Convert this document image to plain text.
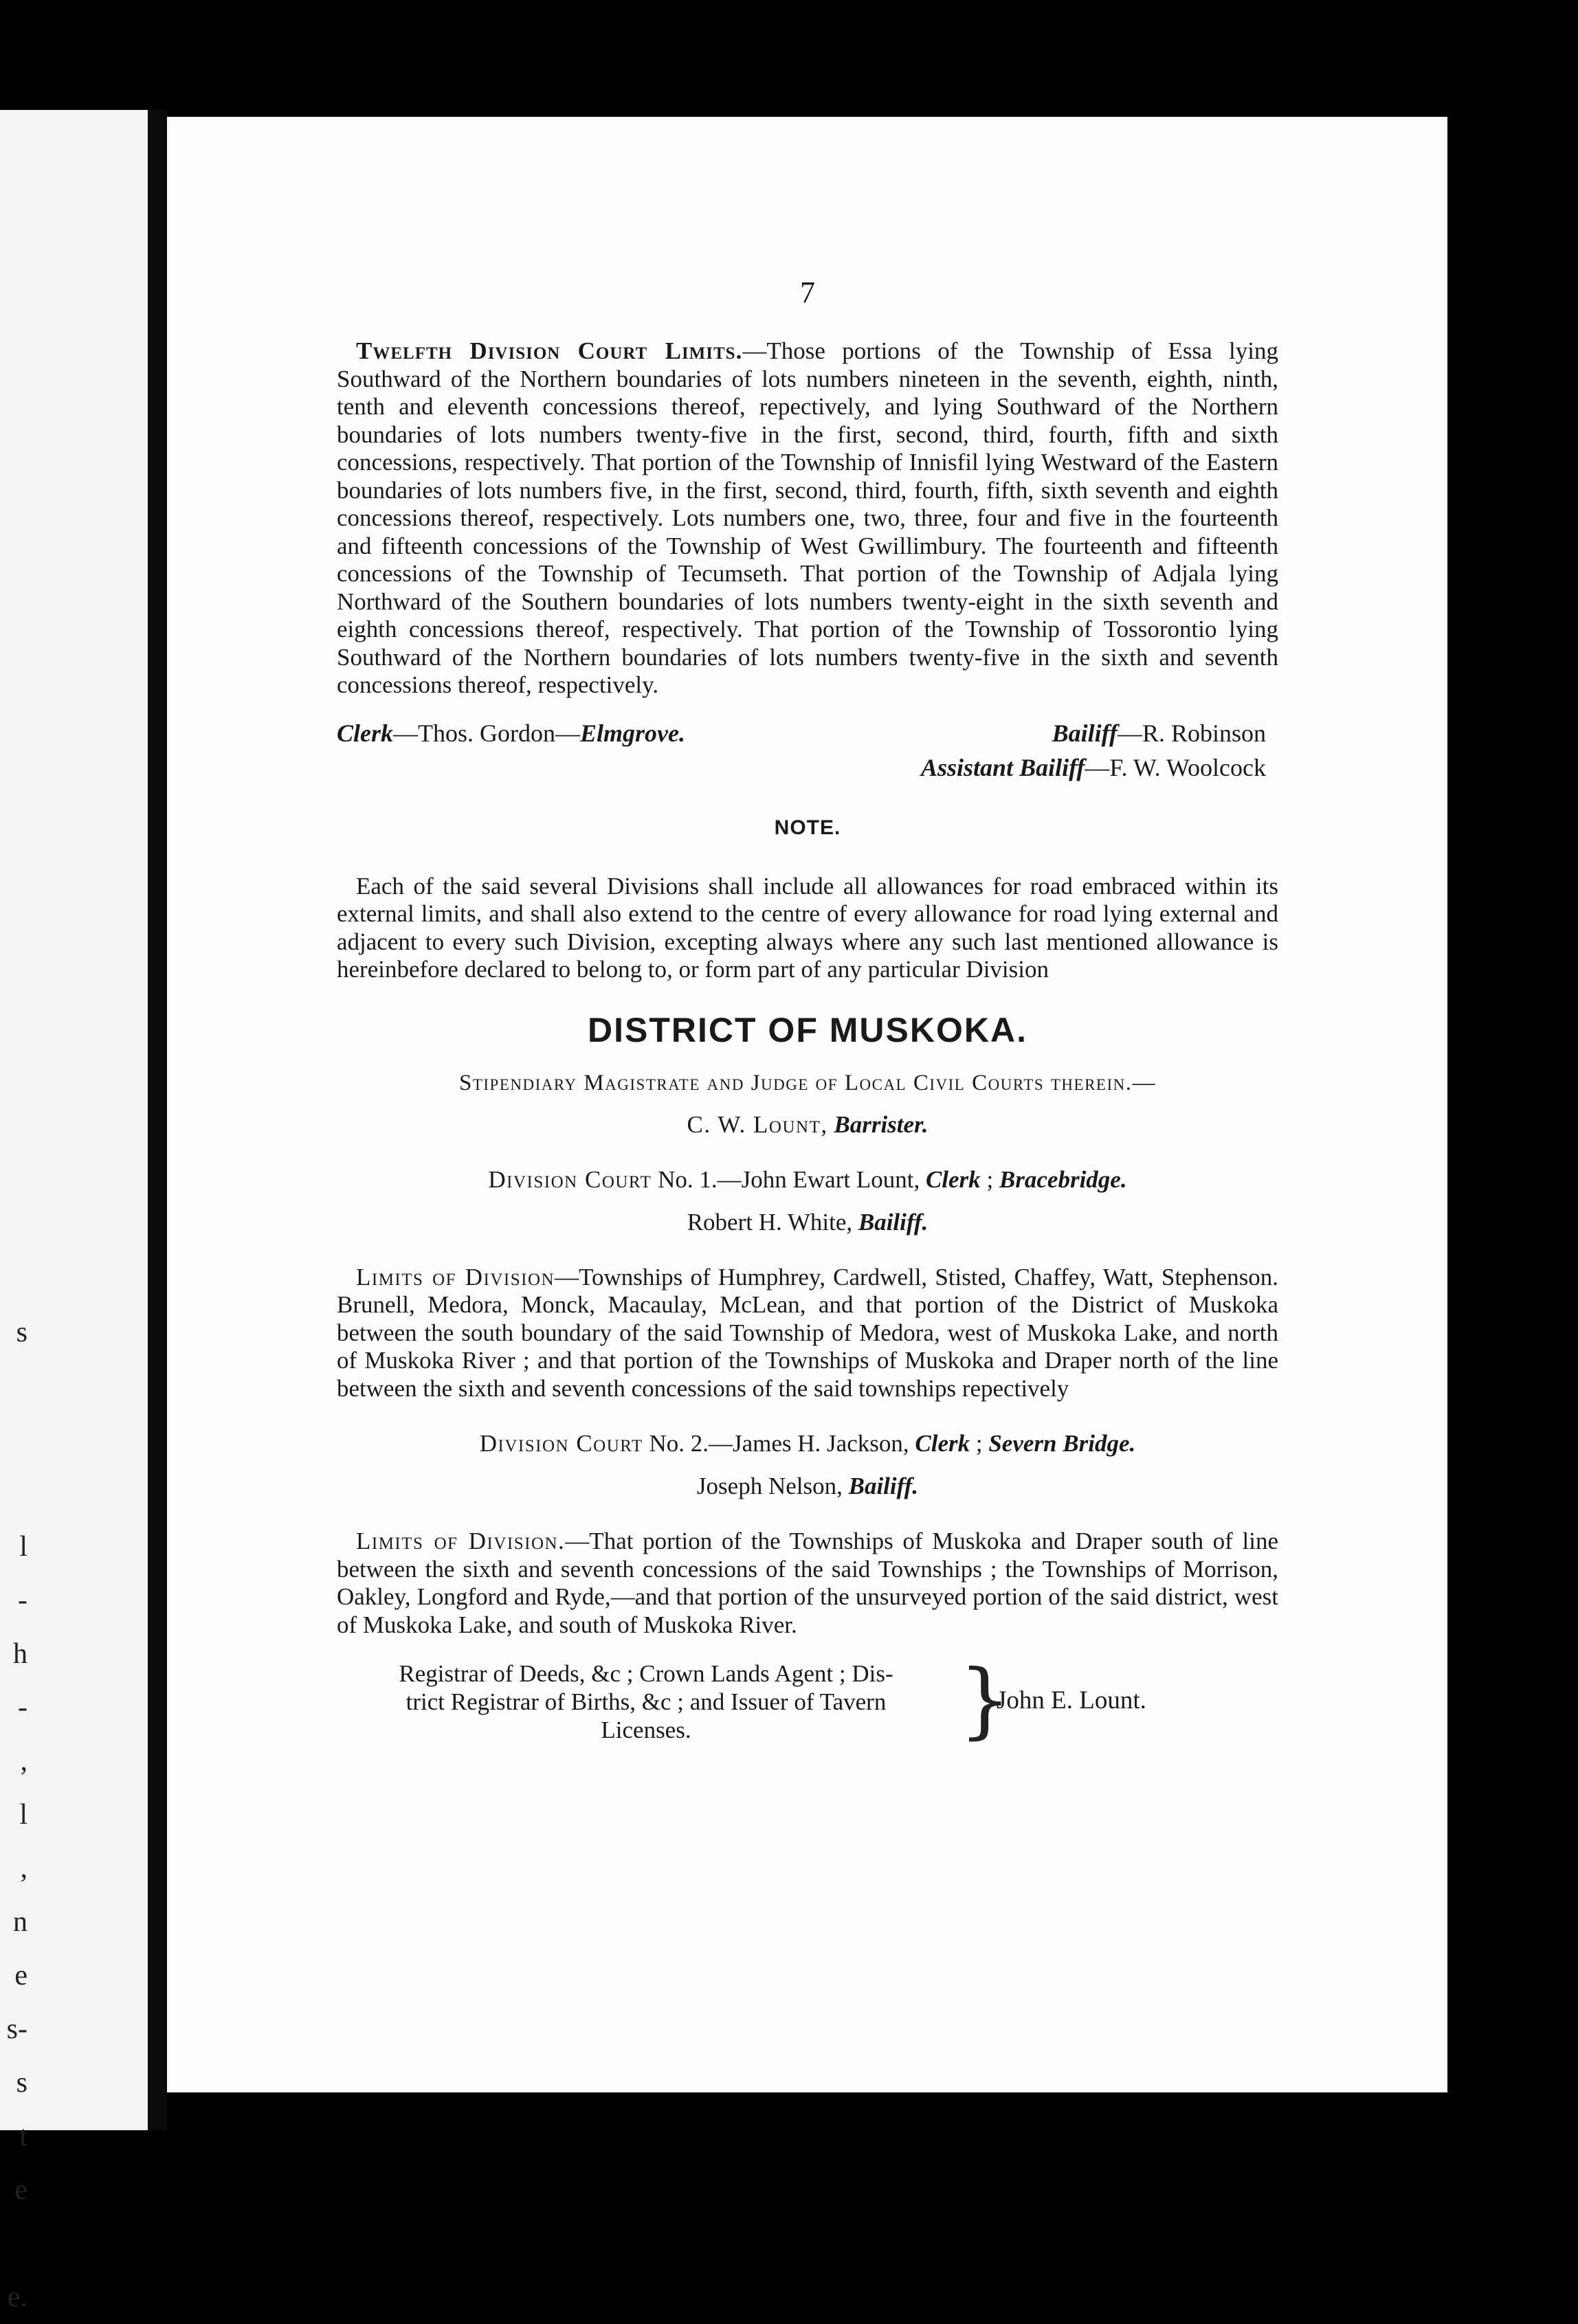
s

l
-
h
-
,
l
,
n
e
s-
s
t
e

e.
7

Twelfth Division Court Limits.—Those portions of the Township of Essa lying Southward of the Northern boundaries of lots numbers nineteen in the seventh, eighth, ninth, tenth and eleventh concessions thereof, repectively, and lying Southward of the Northern boundaries of lots numbers twenty-five in the first, second, third, fourth, fifth and sixth concessions, respectively. That portion of the Township of Innisfil lying Westward of the Eastern boundaries of lots numbers five, in the first, second, third, fourth, fifth, sixth seventh and eighth concessions thereof, respectively. Lots numbers one, two, three, four and five in the fourteenth and fifteenth concessions of the Township of West Gwillimbury. The fourteenth and fifteenth concessions of the Township of Tecumseth. That portion of the Township of Adjala lying Northward of the Southern boundaries of lots numbers twenty-eight in the sixth seventh and eighth concessions thereof, respectively. That portion of the Township of Tossorontio lying Southward of the Northern boundaries of lots numbers twenty-five in the sixth and seventh concessions thereof, respectively.

Clerk—Thos. Gordon—Elmgrove.	Bailiff—R. Robinson
Assistant Bailiff—F. W. Woolcock
NOTE.

Each of the said several Divisions shall include all allowances for road embraced within its external limits, and shall also extend to the centre of every allowance for road lying external and adjacent to every such Division, excepting always where any such last mentioned allowance is hereinbefore declared to belong to, or form part of any particular Division

DISTRICT OF MUSKOKA.

Stipendiary Magistrate and Judge of Local Civil Courts therein.—

C. W. Lount, Barrister.

Division Court No. 1.—John Ewart Lount, Clerk ; Bracebridge.

Robert H. White, Bailiff.

Limits of Division—Townships of Humphrey, Cardwell, Stisted, Chaffey, Watt, Stephenson. Brunell, Medora, Monck, Macaulay, McLean, and that portion of the District of Muskoka between the south boundary of the said Township of Medora, west of Muskoka Lake, and north of Muskoka River ; and that portion of the Townships of Muskoka and Draper north of the line between the sixth and seventh concessions of the said townships repectively

Division Court No. 2.—James H. Jackson, Clerk ; Severn Bridge.

Joseph Nelson, Bailiff.

Limits of Division.—That portion of the Townships of Muskoka and Draper south of line between the sixth and seventh concessions of the said Townships ; the Townships of Morrison, Oakley, Longford and Ryde,—and that portion of the unsurveyed portion of the said district, west of Muskoka Lake, and south of Muskoka River.

Registrar of Deeds, &c ; Crown Lands Agent ; Dis-
trict Registrar of Births, &c ; and Issuer of Tavern
Licenses.	}
John E. Lount.
